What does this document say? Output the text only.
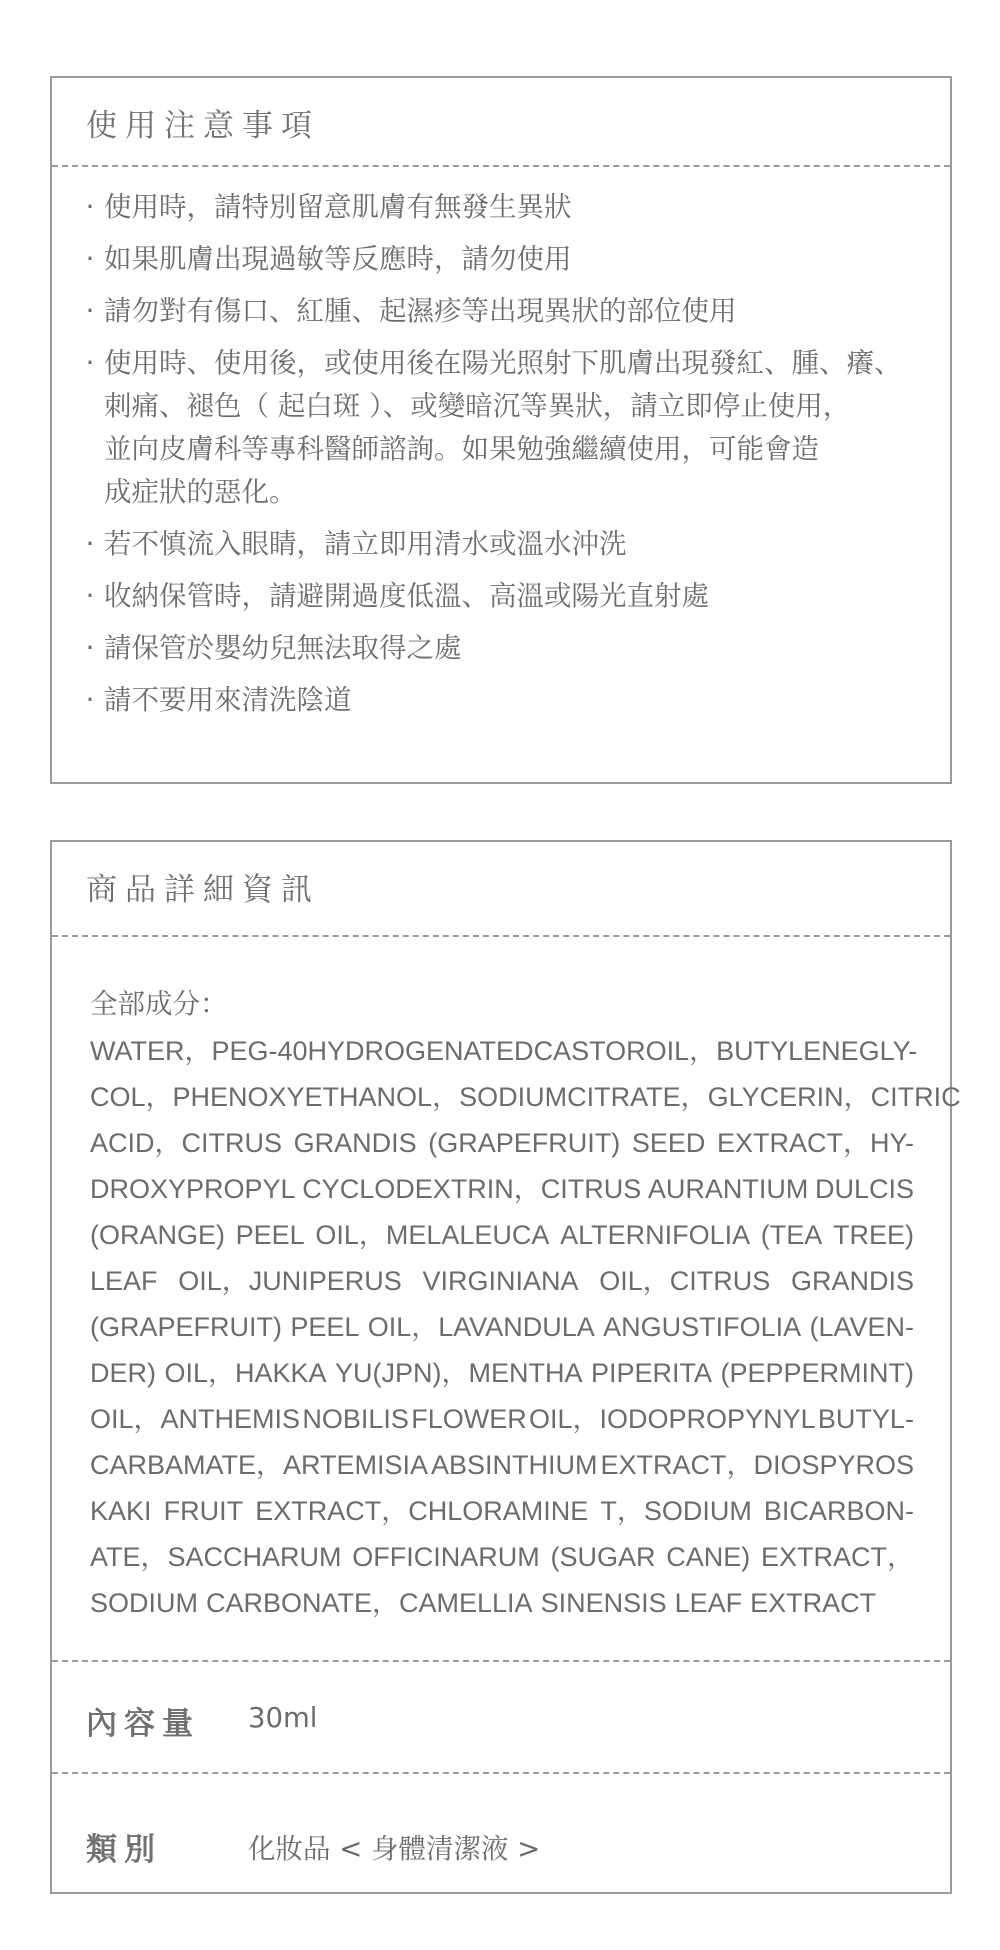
使用注意事項
· 使用時，請特別留意肌膚有無發生異狀
· 如果肌膚出現過敏等反應時，請勿使用
· 請勿對有傷口、紅腫、起濕疹等出現異狀的部位使用
· 使用時、使用後，或使用後在陽光照射下肌膚出現發紅、腫、癢、
刺痛、褪色（ 起白斑 ）、或變暗沉等異狀，請立即停止使用，
並向皮膚科等專科醫師諮詢。如果勉強繼續使用，可能會造
成症狀的惡化。
· 若不慎流入眼睛，請立即用清水或溫水沖洗
· 收納保管時，請避開過度低溫、高溫或陽光直射處
· 請保管於嬰幼兒無法取得之處
· 請不要用來清洗陰道
商品詳細資訊
全部成分：
WATER，PEG-40 HYDROGENATED CASTOR OIL，BUTYLENE GLY-
COL，PHENOXYETHANOL，SODIUM CITRATE，GLYCERIN，CITRIC
ACID，CITRUS GRANDIS (GRAPEFRUIT) SEED EXTRACT，HY-
DROXYPROPYL CYCLODEXTRIN，CITRUS AURANTIUM DULCIS
(ORANGE) PEEL OIL，MELALEUCA ALTERNIFOLIA (TEA TREE)
LEAF OIL，JUNIPERUS VIRGINIANA OIL，CITRUS GRANDIS
(GRAPEFRUIT) PEEL OIL，LAVANDULA ANGUSTIFOLIA (LAVEN-
DER) OIL，HAKKA YU(JPN)，MENTHA PIPERITA (PEPPERMINT)
OIL，ANTHEMIS NOBILIS FLOWER OIL，IODOPROPYNYL BUTYL-
CARBAMATE，ARTEMISIA ABSINTHIUM EXTRACT，DIOSPYROS
KAKI FRUIT EXTRACT，CHLORAMINE T，SODIUM BICARBON-
ATE，SACCHARUM OFFICINARUM (SUGAR CANE) EXTRACT，
SODIUM CARBONATE，CAMELLIA SINENSIS LEAF EXTRACT
內容量 30ml
類別	化妝品 < 身體清潔液 >
